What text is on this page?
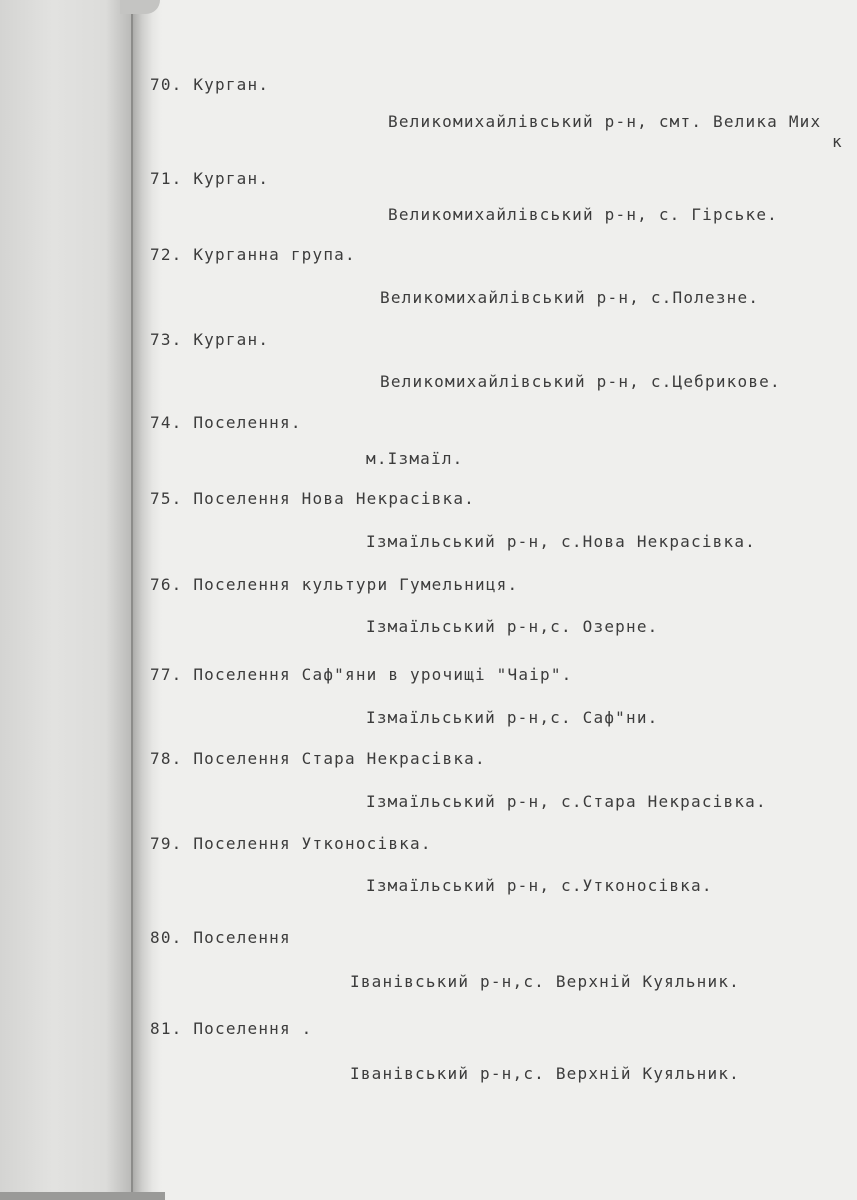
70. Курган.
Великомихайлівський р-н, смт. Велика Мих
к
71. Курган.
Великомихайлівський р-н, с. Гірське.
72. Курганна група.
Великомихайлівський р-н, с.Полезне.
73. Курган.
Великомихайлівський р-н, с.Цебрикове.
74. Поселення.
м.Ізмаїл.
75. Поселення Нова Некрасівка.
Ізмаїльський р-н, с.Нова Некрасівка.
76. Поселення культури Гумельниця.
Ізмаїльський р-н,с. Озерне.
77. Поселення Саф"яни в урочищі "Чаір".
Ізмаїльський р-н,с. Саф"ни.
78. Поселення Стара Некрасівка.
Ізмаїльський р-н, с.Стара Некрасівка.
79. Поселення Утконосівка.
Ізмаїльський р-н, с.Утконосівка.
80. Поселення
Іванівський р-н,с. Верхній Куяльник.
81. Поселення .
Іванівський р-н,с. Верхній Куяльник.
